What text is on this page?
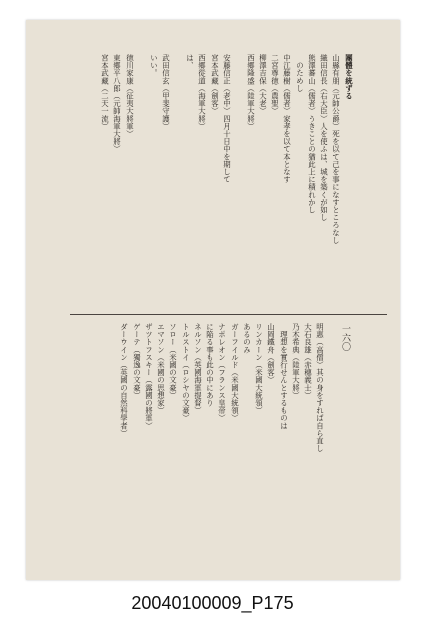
團體を統ずる
山縣有朋（元帥公爵）死を以て己を事になすところなし
織田信長（右大臣）人を使ふは、城を築くが如し
熊澤蕃山（儒者）うきことの猶此上に積れかし
　のためし
中江藤樹（儒者）家孝を以て本となす
二宮尊徳（農聖）　
柳澤吉保（大老）　
西郷隆盛（陸軍大將）　
安藤信正（老中）四月十日中を期して　
宮本武藏（劍客）　
西郷從道（海軍大將）　
は、　
武田信玄（甲斐守護）　
いい。　
徳川家康（征夷大將軍）　
東郷平八郎（元帥海軍大將）
宮本武藏（二天一流）
一六〇
明惠（高僧）其の身をすれば自ら直し
大石良雄（赤穗義士）　
乃木希典（陸軍大將）　
　理想を實行せんとするものは　
山岡鐵舟（劍客）　
リンカーン（米國大統領）　
あるのみ
ガーフイルド（米國大統領）　
ナポレオン（フランス皇帝）　
に陥る事も此の中にあり
ネルソン（英國海軍提督）　
トルストイ（ロシヤの文豪）　
ソロー（米國の文豪）　
エマソン（米國の思想家）　
ザツトフスキー（露國の將軍）　
ゲーテ（獨逸の文豪）
ダーウイン（英國の自然科學者）
20040100009_P175
